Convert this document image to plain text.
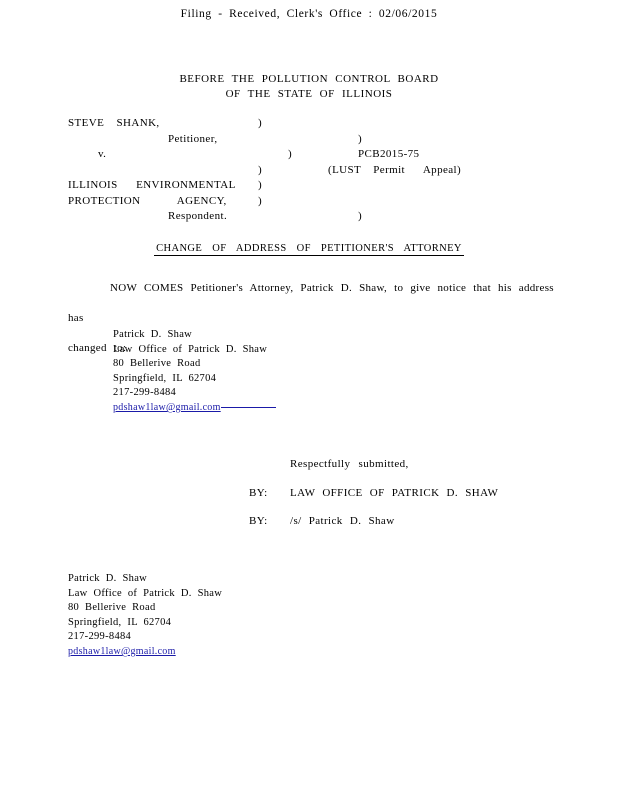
Filing - Received, Clerk's Office : 02/06/2015
BEFORE THE POLLUTION CONTROL BOARD
OF THE STATE OF ILLINOIS
STEVE  SHANK,	)
Petitioner,	)
v.	)	PCB2015-75
)	(LUST  Permit   Appeal)
ILLINOIS   ENVIRONMENTAL	)
PROTECTION      AGENCY,	)
Respondent.	)
CHANGE OF ADDRESS OF PETITIONER'S ATTORNEY
NOW COMES Petitioner's Attorney, Patrick D. Shaw, to give notice that his address has
changed to:
Patrick D. Shaw
Law Office of Patrick D. Shaw
80 Bellerive Road
Springfield, IL 62704
217-299-8484
pdshaw1law@gmail.com
Respectfully submitted,
BY: LAW OFFICE OF PATRICK D. SHAW
BY: /s/ Patrick D. Shaw
Patrick D. Shaw
Law Office of Patrick D. Shaw
80 Bellerive Road
Springfield, IL 62704
217-299-8484
pdshaw1law@gmail.com
